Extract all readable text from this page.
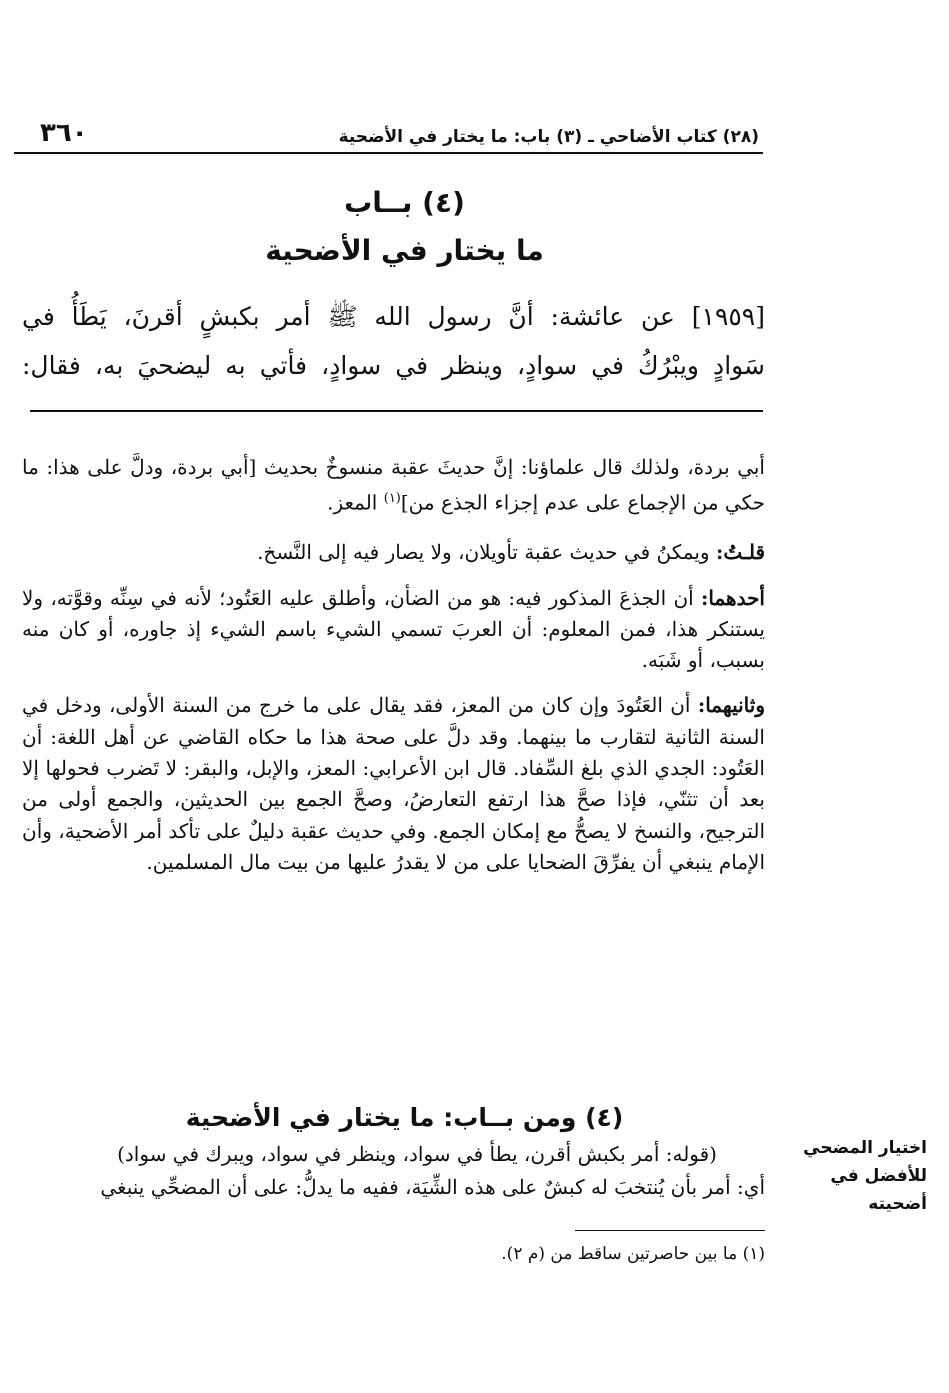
٣٦٠	(٢٨) كتاب الأضاحي ـ (٣) باب: ما يختار في الأضحية
(٤) بــاب
ما يختار في الأضحية

[١٩٥٩] عن عائشة: أنَّ رسول الله ﷺ أمر بكبشٍ أقرنَ، يَطَأُ في

سَوادٍ ويبْرُكُ في سوادٍ، وينظر في سوادٍ، فأتي به ليضحيَ به، فقال:

أبي بردة، ولذلك قال علماؤنا: إنَّ حديثَ عقبة منسوخٌ بحديث [أبي بردة، ودلَّ على هذا: ما حكي من الإجماع على عدم إجزاء الجذع من]$^{(١)}$ المعز.

قلـتُ: ويمكنُ في حديث عقبة تأويلان، ولا يصار فيه إلى النَّسخ.

أحدهما: أن الجذعَ المذكور فيه: هو من الضأن، وأطلق عليه العَتُود؛ لأنه في سِنِّه وقوَّته، ولا يستنكر هذا، فمن المعلوم: أن العربَ تسمي الشيء باسم الشيء إذ جاوره، أو كان منه بسبب، أو شَبَه.

وثانيهما: أن العَتُودَ وإن كان من المعز، فقد يقال على ما خرج من السنة الأولى، ودخل في السنة الثانية لتقارب ما بينهما. وقد دلَّ على صحة هذا ما حكاه القاضي عن أهل اللغة: أن العَتُود: الجدي الذي بلغ السِّفاد. قال ابن الأعرابي: المعز، والإبل، والبقر: لا تَضرب فحولها إلا بعد أن تثنّي، فإذا صحَّ هذا ارتفع التعارضُ، وصحَّ الجمع بين الحديثين، والجمع أولى من الترجيح، والنسخ لا يصحُّ مع إمكان الجمع. وفي حديث عقبة دليلٌ على تأكد أمر الأضحية، وأن الإمام ينبغي أن يفرِّقَ الضحايا على من لا يقدرُ عليها من بيت مال المسلمين.

(٤) ومن بــاب: ما يختار في الأضحية
اختيار المضحي
للأفضل في
أضحيته

(قوله: أمر بكبش أقرن، يطأ في سواد، وينظر في سواد، ويبرك في سواد)

أي: أمر بأن يُنتخبَ له كبشٌ على هذه الشِّيَة، ففيه ما يدلُّ: على أن المضحِّي ينبغي

(١) ما بين حاصرتين ساقط من (م ٢).
